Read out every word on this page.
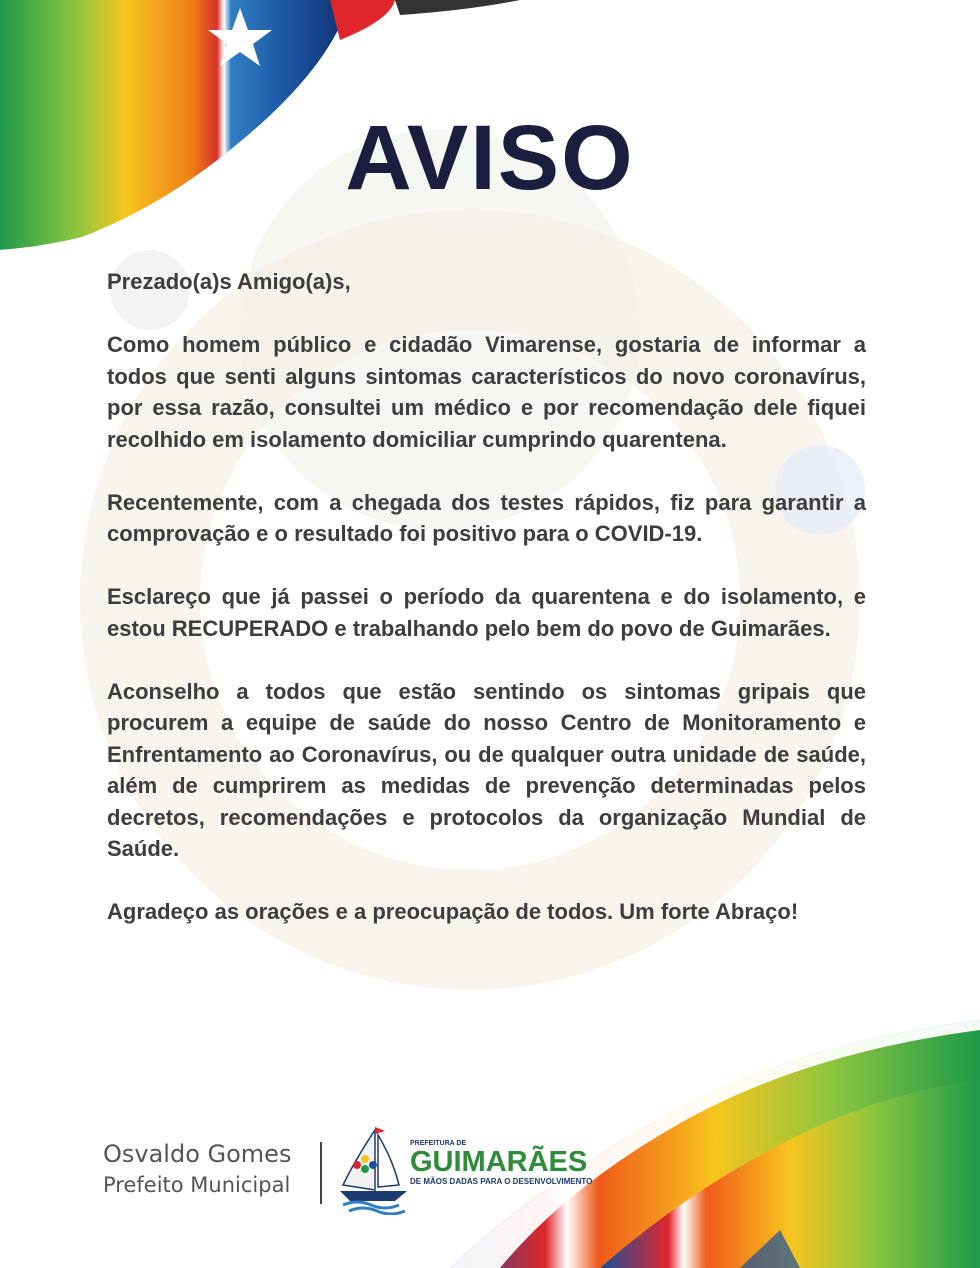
AVISO

Prezado(a)s Amigo(a)s,

Como homem público e cidadão Vimarense, gostaria de informar a todos que senti alguns sintomas característicos do novo coronavírus, por essa razão, consultei um médico e por recomendação dele fiquei recolhido em isolamento domiciliar cumprindo quarentena.

Recentemente, com a chegada dos testes rápidos, fiz para garantir a comprovação e o resultado foi positivo para o COVID-19.

Esclareço que já passei o período da quarentena e do isolamento, e estou RECUPERADO e trabalhando pelo bem do povo de Guimarães.

Aconselho a todos que estão sentindo os sintomas gripais que procurem a equipe de saúde do nosso Centro de Monitoramento e Enfrentamento ao Coronavírus, ou de qualquer outra unidade de saúde, além de cumprirem as medidas de prevenção determinadas pelos decretos, recomendações e protocolos da organização Mundial de Saúde.

Agradeço as orações e a preocupação de todos. Um forte Abraço!

Osvaldo Gomes
Prefeito Municipal
PREFEITURA DE
GUIMARÃES
DE MÃOS DADAS PARA O DESENVOLVIMENTO
